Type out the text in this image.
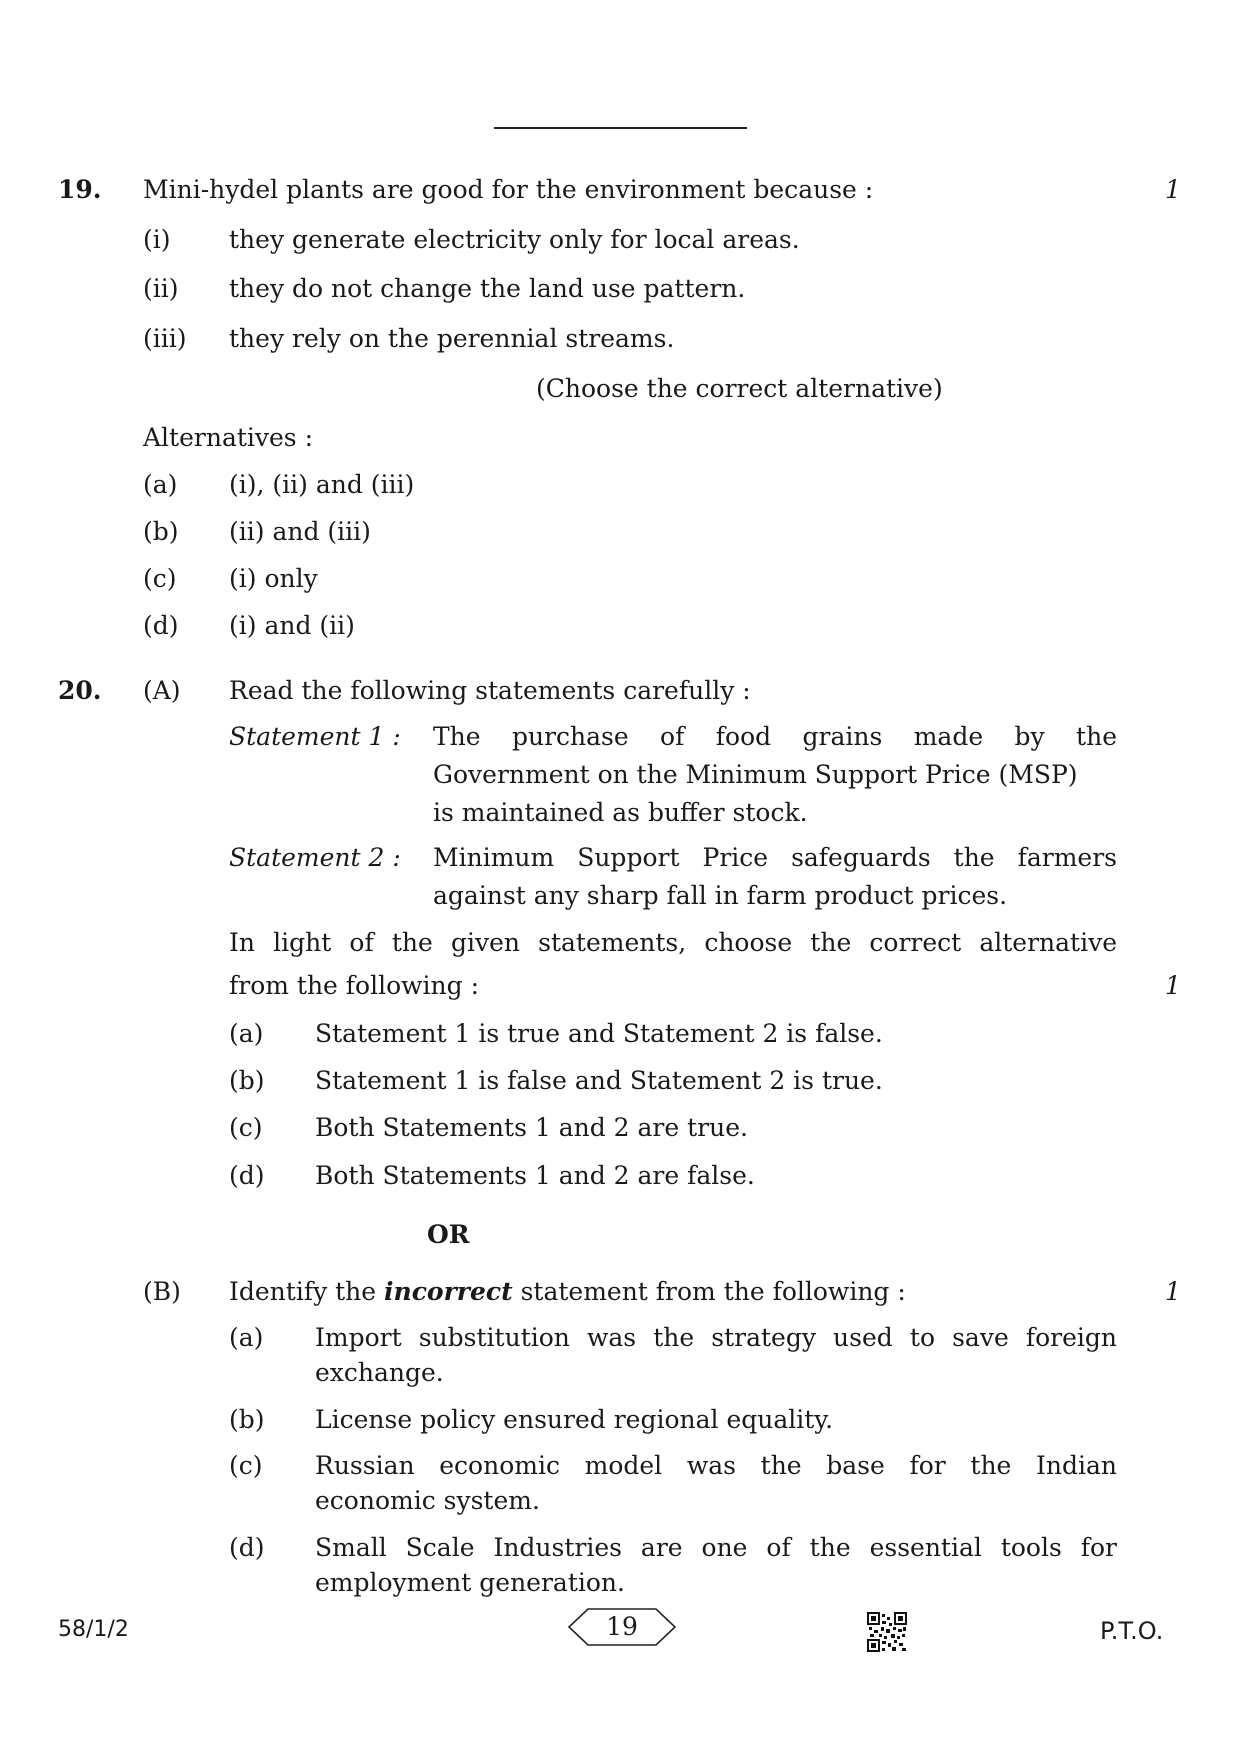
19. Mini-hydel plants are good for the environment because :	1
(i) they generate electricity only for local areas.
(ii) they do not change the land use pattern.
(iii) they rely on the perennial streams.
(Choose the correct alternative)
Alternatives :
(a) (i), (ii) and (iii)
(b) (ii) and (iii)
(c) (i) only
(d) (i) and (ii)
20. (A) Read the following statements carefully :
Statement 1 : The purchase of food grains made by the
Government on the Minimum Support Price (MSP)
is maintained as buffer stock.
Statement 2 : Minimum Support Price safeguards the farmers
against any sharp fall in farm product prices.
In light of the given statements, choose the correct alternative
from the following :	1
(a) Statement 1 is true and Statement 2 is false.
(b) Statement 1 is false and Statement 2 is true.
(c) Both Statements 1 and 2 are true.
(d) Both Statements 1 and 2 are false.
OR
(B) Identify the incorrect statement from the following :	1
(a) Import substitution was the strategy used to save foreign
exchange.
(b) License policy ensured regional equality.
(c) Russian economic model was the base for the Indian
economic system.
(d) Small Scale Industries are one of the essential tools for
employment generation.
58/1/2	19	P.T.O.
